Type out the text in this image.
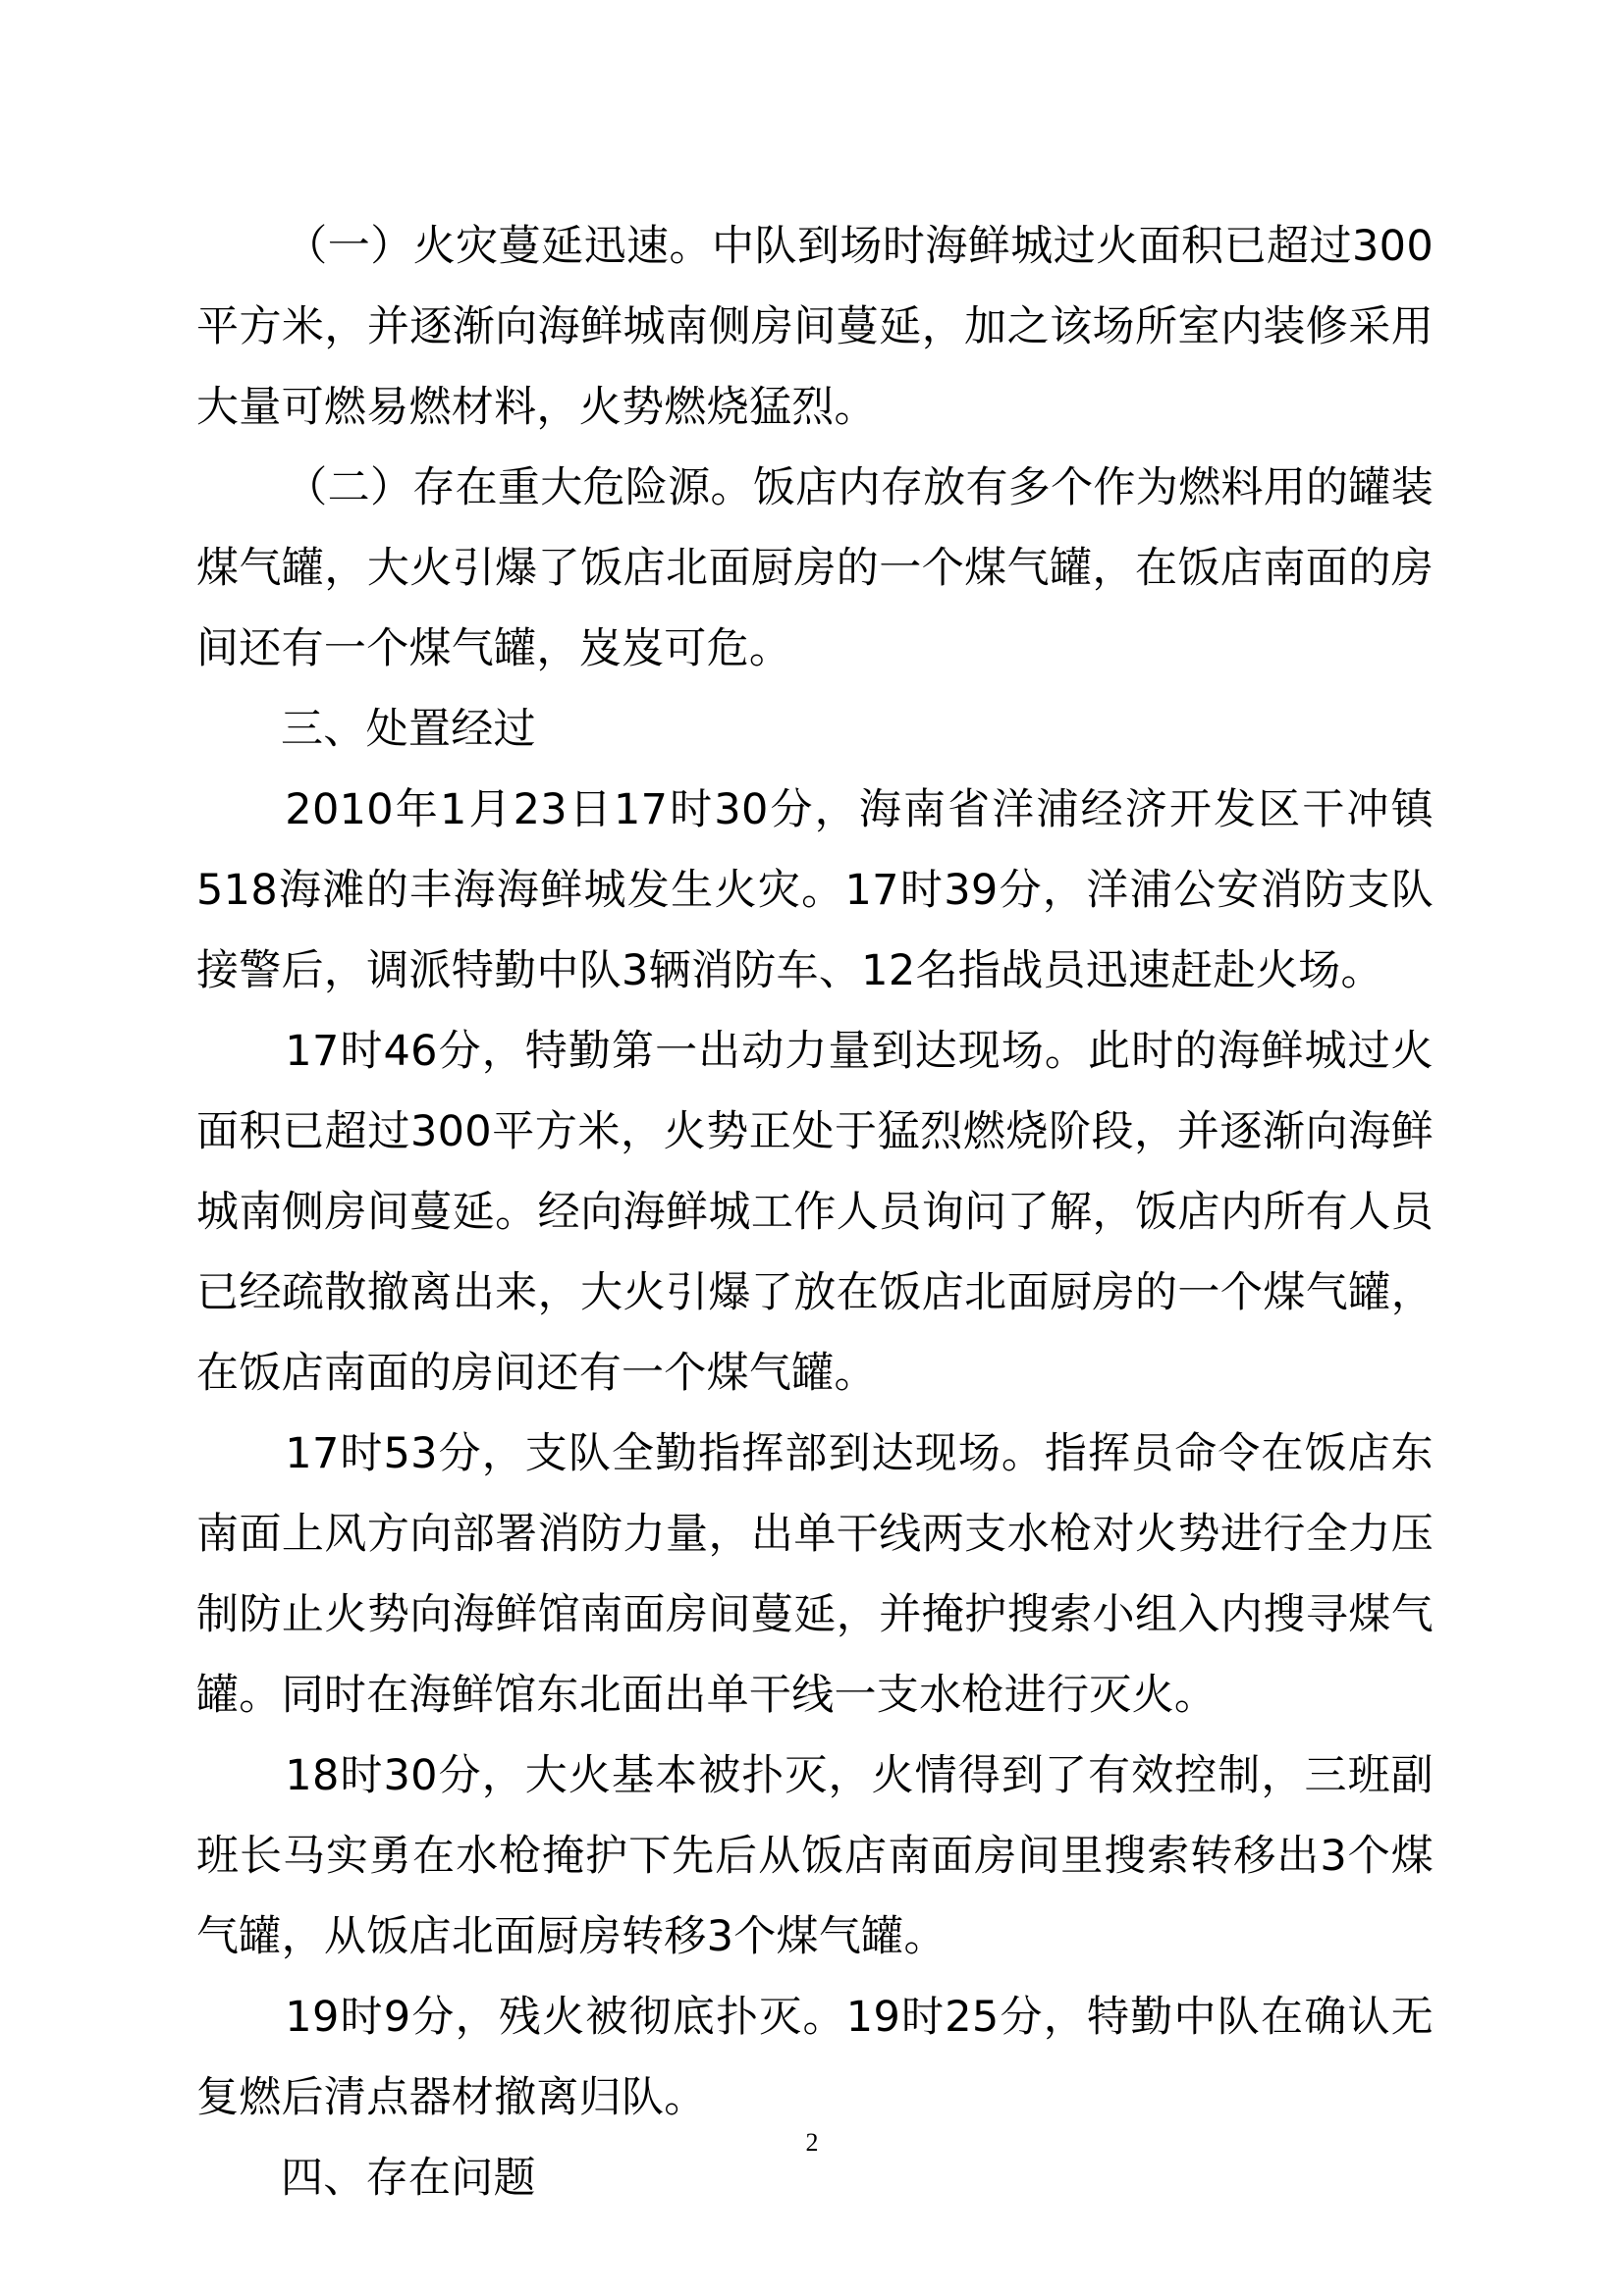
（一）火灾蔓延迅速。中队到场时海鲜城过火面积已超过300平方米，并逐渐向海鲜城南侧房间蔓延，加之该场所室内装修采用大量可燃易燃材料，火势燃烧猛烈。

（二）存在重大危险源。饭店内存放有多个作为燃料用的罐装煤气罐，大火引爆了饭店北面厨房的一个煤气罐，在饭店南面的房间还有一个煤气罐，岌岌可危。

三、处置经过

2010年1月23日17时30分，海南省洋浦经济开发区干冲镇518海滩的丰海海鲜城发生火灾。17时39分，洋浦公安消防支队接警后，调派特勤中队3辆消防车、12名指战员迅速赶赴火场。

17时46分，特勤第一出动力量到达现场。此时的海鲜城过火面积已超过300平方米，火势正处于猛烈燃烧阶段，并逐渐向海鲜城南侧房间蔓延。经向海鲜城工作人员询问了解，饭店内所有人员已经疏散撤离出来，大火引爆了放在饭店北面厨房的一个煤气罐，在饭店南面的房间还有一个煤气罐。

17时53分，支队全勤指挥部到达现场。指挥员命令在饭店东南面上风方向部署消防力量，出单干线两支水枪对火势进行全力压制防止火势向海鲜馆南面房间蔓延，并掩护搜索小组入内搜寻煤气罐。同时在海鲜馆东北面出单干线一支水枪进行灭火。

18时30分，大火基本被扑灭，火情得到了有效控制，三班副班长马实勇在水枪掩护下先后从饭店南面房间里搜索转移出3个煤气罐，从饭店北面厨房转移3个煤气罐。

19时9分，残火被彻底扑灭。19时25分，特勤中队在确认无复燃后清点器材撤离归队。

四、存在问题

2
